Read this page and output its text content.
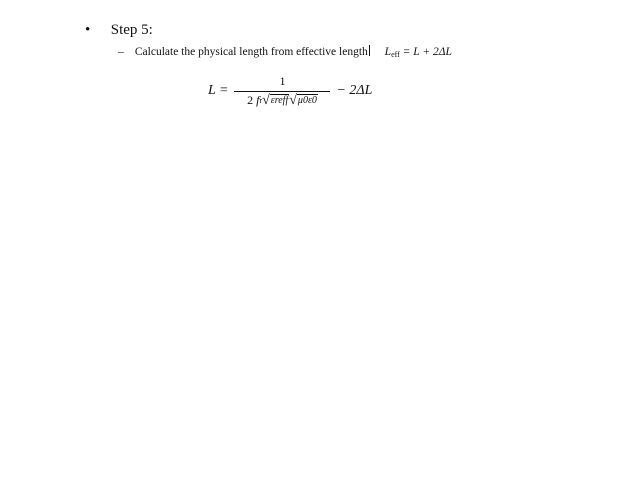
• Step 5:
– Calculate the physical length from effective length $L_{eff} = L + 2\Delta L$
L =
1
2
f r √ εreff √ μ0ε0
− 2ΔL
